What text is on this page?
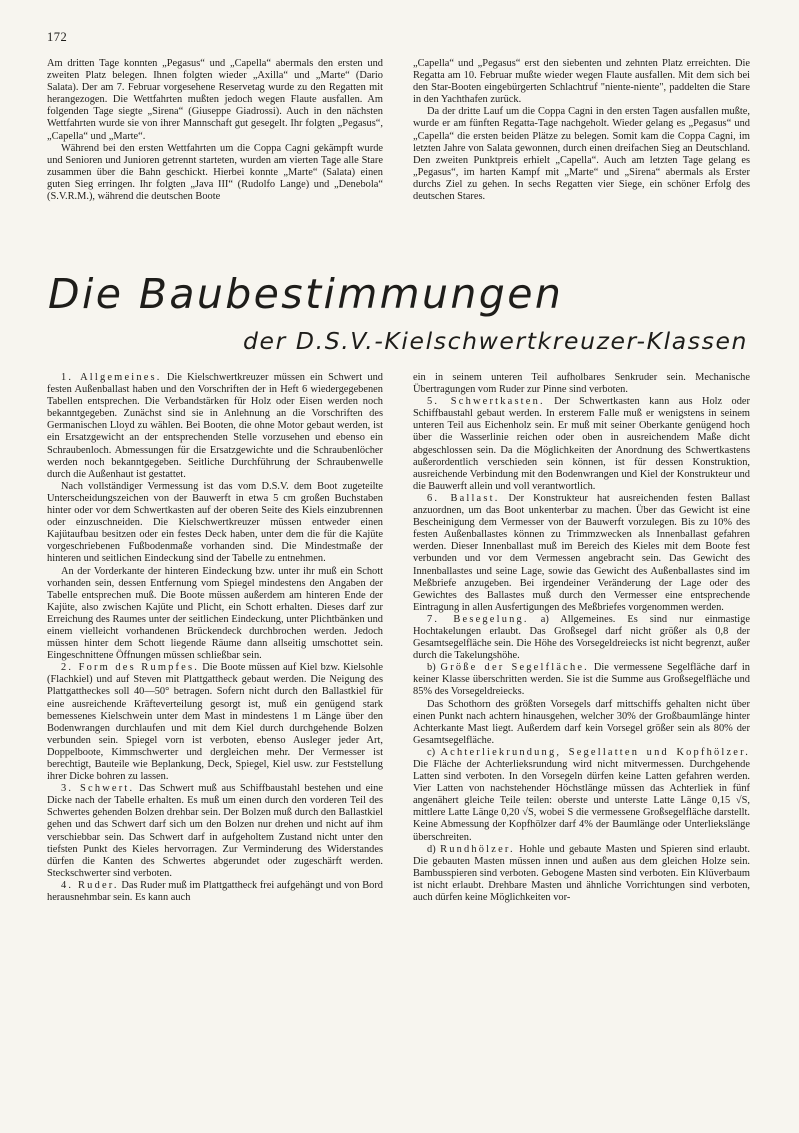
172

Am dritten Tage konnten „Pegasus“ und „Capella“ abermals den ersten und zweiten Platz belegen. Ihnen folgten wieder „Axilla“ und „Marte“ (Dario Salata). Der am 7. Februar vorgesehene Reservetag wurde zu den Regatten mit herangezogen. Die Wettfahrten mußten jedoch wegen Flaute ausfallen. Am folgenden Tage siegte „Sirena“ (Giuseppe Giadrossi). Auch in den nächsten Wettfahrten wurde sie von ihrer Mannschaft gut gesegelt. Ihr folgten „Pegasus“, „Capella“ und „Marte“.

Während bei den ersten Wettfahrten um die Coppa Cagni gekämpft wurde und Senioren und Junioren getrennt starteten, wurden am vierten Tage alle Stare zusammen über die Bahn geschickt. Hierbei konnte „Marte“ (Salata) einen guten Sieg erringen. Ihr folgten „Java III“ (Rudolfo Lange) und „Denebola“ (S.V.R.M.), während die deutschen Boote

„Capella“ und „Pegasus“ erst den siebenten und zehnten Platz erreichten. Die Regatta am 10. Februar mußte wieder wegen Flaute ausfallen. Mit dem sich bei den Star-Booten eingebürgerten Schlachtruf "niente-niente", paddelten die Stare in den Yachthafen zurück.

Da der dritte Lauf um die Coppa Cagni in den ersten Tagen ausfallen mußte, wurde er am fünften Regatta-Tage nachgeholt. Wieder gelang es „Pegasus“ und „Capella“ die ersten beiden Plätze zu belegen. Somit kam die Coppa Cagni, im letzten Jahre von Salata gewonnen, durch einen dreifachen Sieg an Deutschland. Den zweiten Punktpreis erhielt „Capella“. Auch am letzten Tage gelang es „Pegasus“, im harten Kampf mit „Marte“ und „Sirena“ abermals als Erster durchs Ziel zu gehen. In sechs Regatten vier Siege, ein schöner Erfolg des deutschen Stares.

Die Baubestimmungen
der D.S.V.-Kielschwertkreuzer-Klassen

1. Allgemeines. Die Kielschwertkreuzer müssen ein Schwert und festen Außenballast haben und den Vorschriften der in Heft 6 wiedergegebenen Tabellen entsprechen. Die Verbandstärken für Holz oder Eisen werden noch bekanntgegeben. Zunächst sind sie in Anlehnung an die Vorschriften des Germanischen Lloyd zu wählen. Bei Booten, die ohne Motor gebaut werden, ist ein Ersatzgewicht an der entsprechenden Stelle vorzusehen und ebenso ein Schraubenloch. Abmessungen für die Ersatzgewichte und die Schraubenlöcher werden noch bekanntgegeben. Seitliche Durchführung der Schraubenwelle durch die Außenhaut ist gestattet.

Nach vollständiger Vermessung ist das vom D.S.V. dem Boot zugeteilte Unterscheidungszeichen von der Bauwerft in etwa 5 cm großen Buchstaben hinter oder vor dem Schwertkasten auf der oberen Seite des Kiels einzubrennen oder einzuschneiden. Die Kielschwertkreuzer müssen entweder einen Kajütaufbau besitzen oder ein festes Deck haben, unter dem die für die Kajüte vorgeschriebenen Fußbodenmaße vorhanden sind. Die Mindestmaße der hinteren und seitlichen Eindeckung sind der Tabelle zu entnehmen.

An der Vorderkante der hinteren Eindeckung bzw. unter ihr muß ein Schott vorhanden sein, dessen Entfernung vom Spiegel mindestens den Angaben der Tabelle entsprechen muß. Die Boote müssen außerdem am hinteren Ende der Kajüte, also zwischen Kajüte und Plicht, ein Schott erhalten. Dieses darf zur Erreichung des Raumes unter der seitlichen Eindeckung, unter Plichtbänken und einem vielleicht vorhandenen Brückendeck durchbrochen werden. Jedoch müssen hinter dem Schott liegende Räume dann allseitig umschottet sein. Eingeschnittene Öffnungen müssen schließbar sein.

2. Form des Rumpfes. Die Boote müssen auf Kiel bzw. Kielsohle (Flachkiel) und auf Steven mit Plattgattheck gebaut werden. Die Neigung des Plattgattheckes soll 40—50° betragen. Sofern nicht durch den Ballastkiel für eine ausreichende Kräfteverteilung gesorgt ist, muß ein genügend stark bemessenes Kielschwein unter dem Mast in mindestens 1 m Länge über den Bodenwrangen durchlaufen und mit dem Kiel durch durchgehende Bolzen verbunden sein. Spiegel vorn ist verboten, ebenso Ausleger jeder Art, Doppelboote, Kimmschwerter und dergleichen mehr. Der Vermesser ist berechtigt, Bauteile wie Beplankung, Deck, Spiegel, Kiel usw. zur Feststellung ihrer Dicke bohren zu lassen.

3. Schwert. Das Schwert muß aus Schiffbaustahl bestehen und eine Dicke nach der Tabelle erhalten. Es muß um einen durch den vorderen Teil des Schwertes gehenden Bolzen drehbar sein. Der Bolzen muß durch den Ballastkiel gehen und das Schwert darf sich um den Bolzen nur drehen und nicht auf ihm verschiebbar sein. Das Schwert darf in aufgeholtem Zustand nicht unter den tiefsten Punkt des Kieles hervorragen. Zur Verminderung des Widerstandes dürfen die Kanten des Schwertes abgerundet oder zugeschärft werden. Steckschwerter sind verboten.

4. Ruder. Das Ruder muß im Plattgattheck frei aufgehängt und von Bord herausnehmbar sein. Es kann auch

ein in seinem unteren Teil aufholbares Senkruder sein. Mechanische Übertragungen vom Ruder zur Pinne sind verboten.

5. Schwertkasten. Der Schwertkasten kann aus Holz oder Schiffbaustahl gebaut werden. In ersterem Falle muß er wenigstens in seinem unteren Teil aus Eichenholz sein. Er muß mit seiner Oberkante genügend hoch über die Wasserlinie reichen oder oben in ausreichendem Maße dicht abgeschlossen sein. Da die Möglichkeiten der Anordnung des Schwertkastens außerordentlich verschieden sein können, ist für dessen Konstruktion, ausreichende Verbindung mit den Bodenwrangen und Kiel der Konstrukteur und die Bauwerft allein und voll verantwortlich.

6. Ballast. Der Konstrukteur hat ausreichenden festen Ballast anzuordnen, um das Boot unkenterbar zu machen. Über das Gewicht ist eine Bescheinigung dem Vermesser von der Bauwerft vorzulegen. Bis zu 10% des festen Außenballastes können zu Trimmzwecken als Innenballast gefahren werden. Dieser Innenballast muß im Bereich des Kieles mit dem Boote fest verbunden und vor dem Vermessen angebracht sein. Das Gewicht des Innenballastes und seine Lage, sowie das Gewicht des Außenballastes sind im Meßbriefe anzugeben. Bei irgendeiner Veränderung der Lage oder des Gewichtes des Ballastes muß durch den Vermesser eine entsprechende Eintragung in allen Ausfertigungen des Meßbriefes vorgenommen werden.

7. Besegelung. a) Allgemeines. Es sind nur einmastige Hochtakelungen erlaubt. Das Großsegel darf nicht größer als 0,8 der Gesamtsegelfläche sein. Die Höhe des Vorsegeldreiecks ist nicht begrenzt, außer durch die Takelungshöhe.

b) Größe der Segelfläche. Die vermessene Segelfläche darf in keiner Klasse überschritten werden. Sie ist die Summe aus Großsegelfläche und 85% des Vorsegeldreiecks.

Das Schothorn des größten Vorsegels darf mittschiffs gehalten nicht über einen Punkt nach achtern hinausgehen, welcher 30% der Großbaumlänge hinter Achterkante Mast liegt. Außerdem darf kein Vorsegel größer sein als 80% der Gesamtsegelfläche.

c) Achterliekrundung, Segellatten und Kopfhölzer. Die Fläche der Achterlieksrundung wird nicht mitvermessen. Durchgehende Latten sind verboten. In den Vorsegeln dürfen keine Latten gefahren werden. Vier Latten von nachstehender Höchstlänge müssen das Achterliek in fünf angenähert gleiche Teile teilen: oberste und unterste Latte Länge 0,15 √S, mittlere Latte Länge 0,20 √S, wobei S die vermessene Großsegelfläche darstellt. Keine Abmessung der Kopfhölzer darf 4% der Baumlänge oder Unterliekslänge überschreiten.

d) Rundhölzer. Hohle und gebaute Masten und Spieren sind erlaubt. Die gebauten Masten müssen innen und außen aus dem gleichen Holze sein. Bambusspieren sind verboten. Gebogene Masten sind verboten. Ein Klüverbaum ist nicht erlaubt. Drehbare Masten und ähnliche Vorrichtungen sind verboten, auch dürfen keine Möglichkeiten vor-
